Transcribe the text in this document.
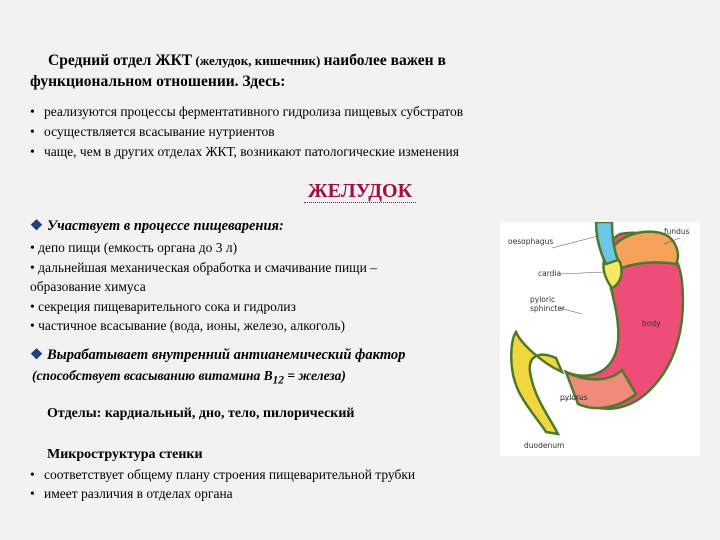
Средний отдел ЖКТ (желудок, кишечник) наиболее важен в
функциональном отношении. Здесь:
• реализуются процессы ферментативного гидролиза пищевых субстратов
• осуществляется всасывание нутриентов
• чаще, чем в других отделах ЖКТ, возникают патологические изменения
ЖЕЛУДОК
❖ Участвует в процессе пищеварения:
• депо пищи (емкость органа до 3 л)
• дальнейшая механическая обработка и смачивание пищи –
образование химуса
• секреция пищеварительного сока и гидролиз
• частичное всасывание (вода, ионы, железо, алкоголь)
❖ Вырабатывает внутренний антианемический фактор
(способствует всасыванию витамина $В_{12}$ = железа)
Отделы: кардиальный, дно, тело, пилорический
Микроструктура стенки
• соответствует общему плану строения пищеварительной трубки
• имеет различия в отделах органа
oesophagus
fundus
cardia
pyloric
sphincter
body
pylorus
duodenum
